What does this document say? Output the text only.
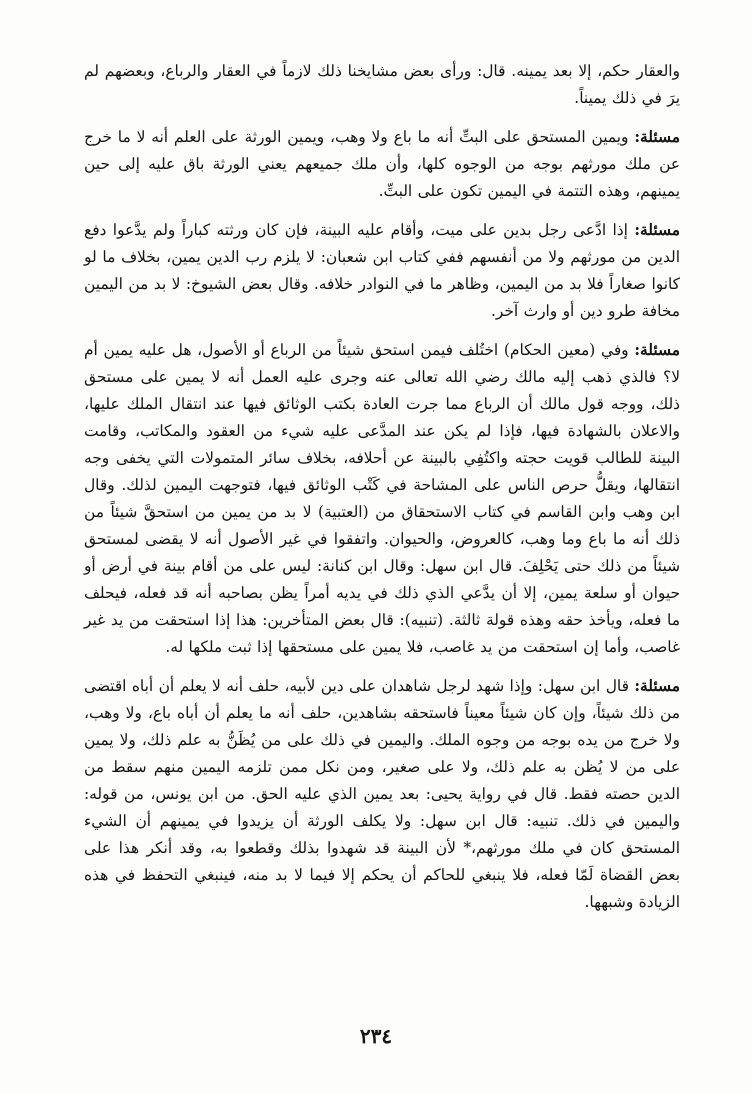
والعقار حكم، إلا بعد يمينه. قال: ورأى بعض مشايخنا ذلك لازماً في العقار والرباع، وبعضهم لم يرَ في ذلك يميناً.

مسئلة: ويمين المستحق على البتِّ أنه ما باع ولا وهب، ويمين الورثة على العلم أنه لا ما خرج عن ملك مورثهم بوجه من الوجوه كلها، وأن ملك جميعهم يعني الورثة باق عليه إلى حين يمينهم، وهذه التتمة في اليمين تكون على البتِّ.

مسئلة: إذا ادَّعى رجل بدين على ميت، وأقام عليه البينة، فإن كان ورثته كباراً ولم يدَّعوا دفع الدين من مورثهم ولا من أنفسهم ففي كتاب ابن شعبان: لا يلزم رب الدين يمين، بخلاف ما لو كانوا صغاراً فلا بد من اليمين، وظاهر ما في النوادر خلافه. وقال بعض الشيوخ: لا بد من اليمين مخافة طرو دين أو وارث آخر.

مسئلة: وفي (معين الحكام) اختُلف فيمن استحق شيئاً من الرباع أو الأصول، هل عليه يمين أم لا؟ فالذي ذهب إليه مالك رضي الله تعالى عنه وجرى عليه العمل أنه لا يمين على مستحق ذلك، ووجه قول مالك أن الرباع مما جرت العادة بكتب الوثائق فيها عند انتقال الملك عليها، والاعلان بالشهادة فيها، فإذا لم يكن عند المدَّعى عليه شيء من العقود والمكاتب، وقامت البينة للطالب قويت حجته واكتُفِي بالبينة عن أحلافه، بخلاف سائر المتمولات التي يخفى وجه انتقالها، ويقلُّ حرص الناس على المشاحة في كَتْب الوثائق فيها، فتوجهت اليمين لذلك. وقال ابن وهب وابن القاسم في كتاب الاستحقاق من (العتبية) لا بد من يمين من استحقَّ شيئاً من ذلك أنه ما باع وما وهب، كالعروض، والحيوان. واتفقوا في غير الأصول أنه لا يقضى لمستحق شيئاً من ذلك حتى يَحْلِفَ. قال ابن سهل: وقال ابن كنانة: ليس على من أقام بينة في أرض أو حيوان أو سلعة يمين، إلا أن يدَّعي الذي ذلك في يديه أمراً يظن بصاحبه أنه قد فعله، فيحلف ما فعله، ويأخذ حقه وهذه قولة ثالثة. (تنبيه): قال بعض المتأخرين: هذا إذا استحقت من يد غير غاصب، وأما إن استحقت من يد غاصب، فلا يمين على مستحقها إذا ثبت ملكها له.

مسئلة: قال ابن سهل: وإذا شهد لرجل شاهدان على دين لأبيه، حلف أنه لا يعلم أن أباه اقتضى من ذلك شيئاً، وإن كان شيئاً معيناً فاستحقه بشاهدين، حلف أنه ما يعلم أن أباه باع، ولا وهب، ولا خرج من يده بوجه من وجوه الملك. واليمين في ذلك على من يُظَنُّ به علم ذلك، ولا يمين على من لا يُظن به علم ذلك، ولا على صغير، ومن نكل ممن تلزمه اليمين منهم سقط من الدين حصته فقط. قال في رواية يحيى: بعد يمين الذي عليه الحق. من ابن يونس، من قوله: واليمين في ذلك. تنبيه: قال ابن سهل: ولا يكلف الورثة أن يزيدوا في يمينهم أن الشيء المستحق كان في ملك مورثهم،* لأن البينة قد شهدوا بذلك وقطعوا به، وقد أنكر هذا على بعض القضاة لَمّا فعله، فلا ينبغي للحاكم أن يحكم إلا فيما لا بد منه، فينبغي التحفظ في هذه الزيادة وشبهها.

٢٣٤
